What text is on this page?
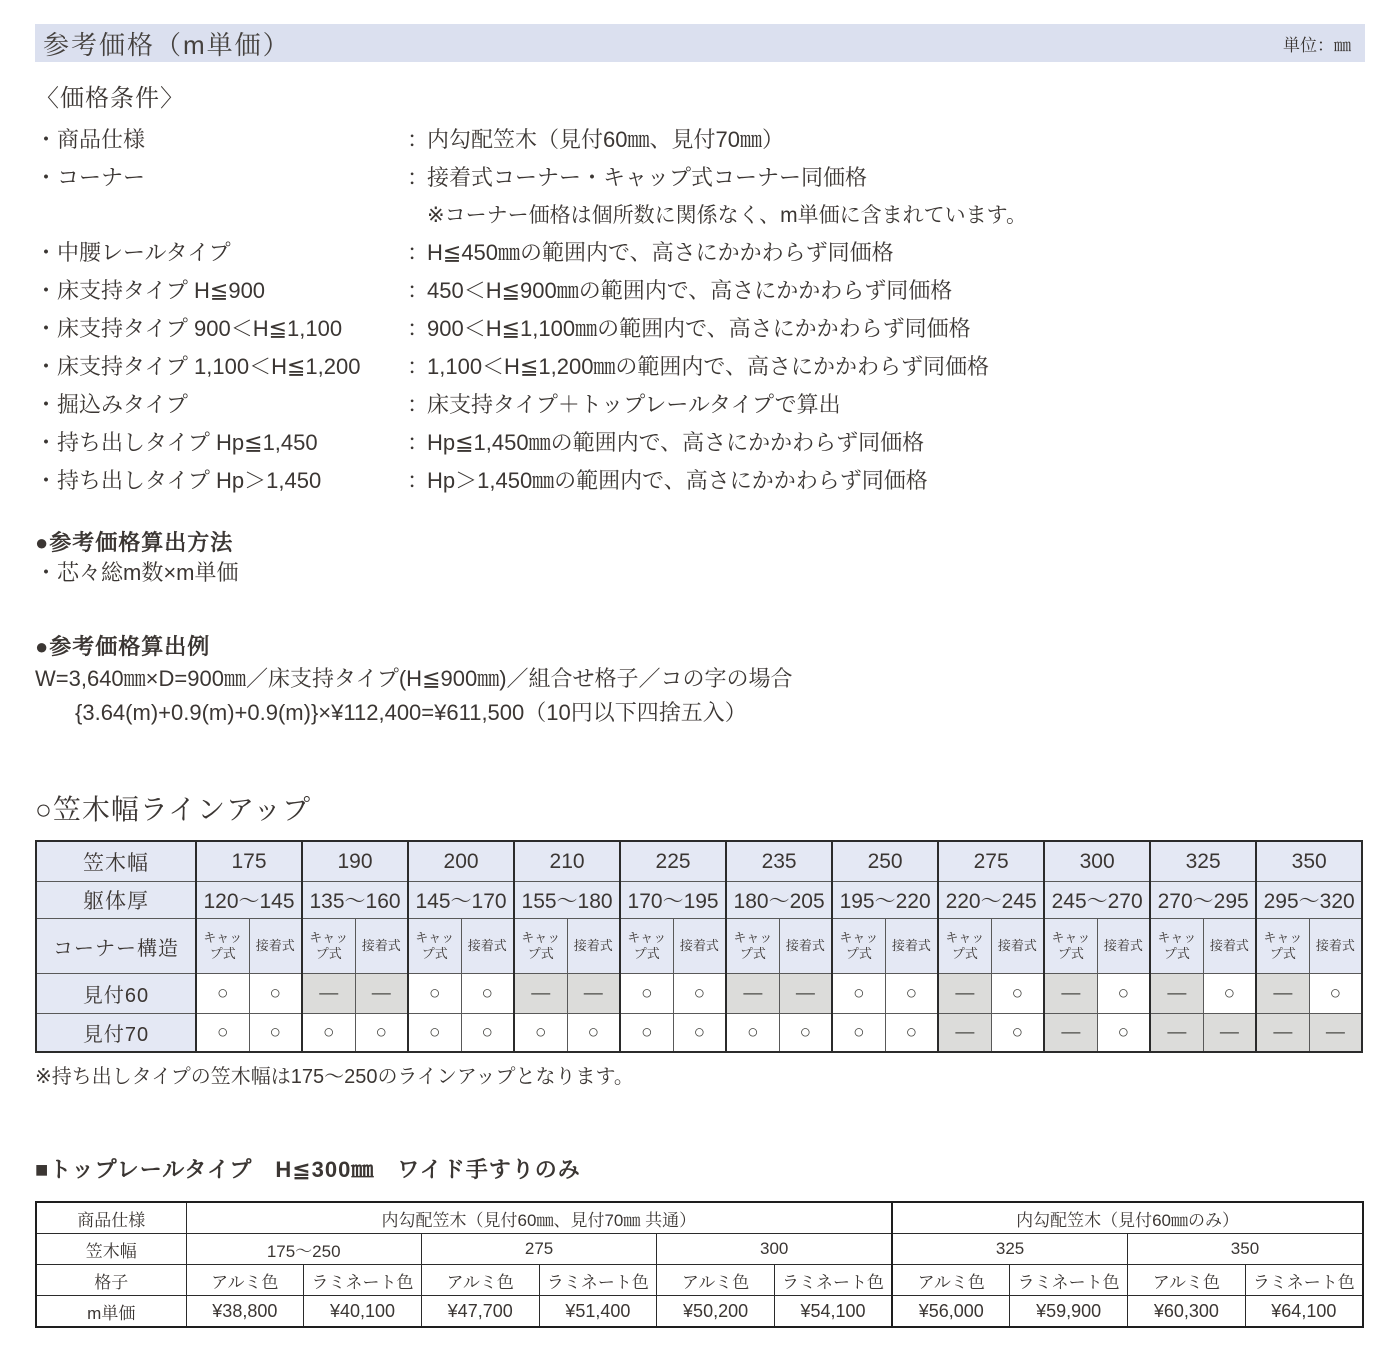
参考価格（m単価）	単位：㎜
〈価格条件〉
・商品仕様	：
内勾配笠木（見付60㎜、見付70㎜）
・コーナー	：
接着式コーナー・キャップ式コーナー同価格
※コーナー価格は個所数に関係なく、m単価に含まれています。
・中腰レールタイプ	：
H≦450㎜の範囲内で、高さにかかわらず同価格
・床支持タイプ H≦900	：
450＜H≦900㎜の範囲内で、高さにかかわらず同価格
・床支持タイプ 900＜H≦1,100	：
900＜H≦1,100㎜の範囲内で、高さにかかわらず同価格
・床支持タイプ 1,100＜H≦1,200	：
1,100＜H≦1,200㎜の範囲内で、高さにかかわらず同価格
・掘込みタイプ	：
床支持タイプ＋トップレールタイプで算出
・持ち出しタイプ Hp≦1,450	：
Hp≦1,450㎜の範囲内で、高さにかかわらず同価格
・持ち出しタイプ Hp＞1,450	：
Hp＞1,450㎜の範囲内で、高さにかかわらず同価格
●参考価格算出方法
・芯々総m数×m単価
●参考価格算出例
W=3,640㎜×D=900㎜／床支持タイプ(H≦900㎜)／組合せ格子／コの字の場合
{3.64(m)+0.9(m)+0.9(m)}×¥112,400=¥611,500（10円以下四捨五入）
○笠木幅ラインアップ
笠木幅	175		190		200		210		225		235		250		275		300		325		350	
躯体厚	120～145		135～160		145～170		155～180		170～195		180～205		195～220		220～245		245～270		270～295		295～320	
コーナー構造	キャップ式	接着式	キャップ式	接着式	キャップ式	接着式	キャップ式	接着式	キャップ式	接着式	キャップ式	接着式	キャップ式	接着式	キャップ式	接着式	キャップ式	接着式	キャップ式	接着式	キャップ式	接着式
見付60	○	○	—	—	○	○	—	—	○	○	—	—	○	○	—	○	—	○	—	○	—	○
見付70	○	○	○	○	○	○	○	○	○	○	○	○	○	○	—	○	—	○	—	—	—	—
※持ち出しタイプの笠木幅は175～250のラインアップとなります。
■トップレールタイプ　H≦300㎜　ワイド手すりのみ
商品仕様	内勾配笠木（見付60㎜、見付70㎜ 共通）						内勾配笠木（見付60㎜のみ）			
笠木幅	175～250		275		300		325		350	
格子	アルミ色	ラミネート色	アルミ色	ラミネート色	アルミ色	ラミネート色	アルミ色	ラミネート色	アルミ色	ラミネート色
m単価	¥38,800	¥40,100	¥47,700	¥51,400	¥50,200	¥54,100	¥56,000	¥59,900	¥60,300	¥64,100
